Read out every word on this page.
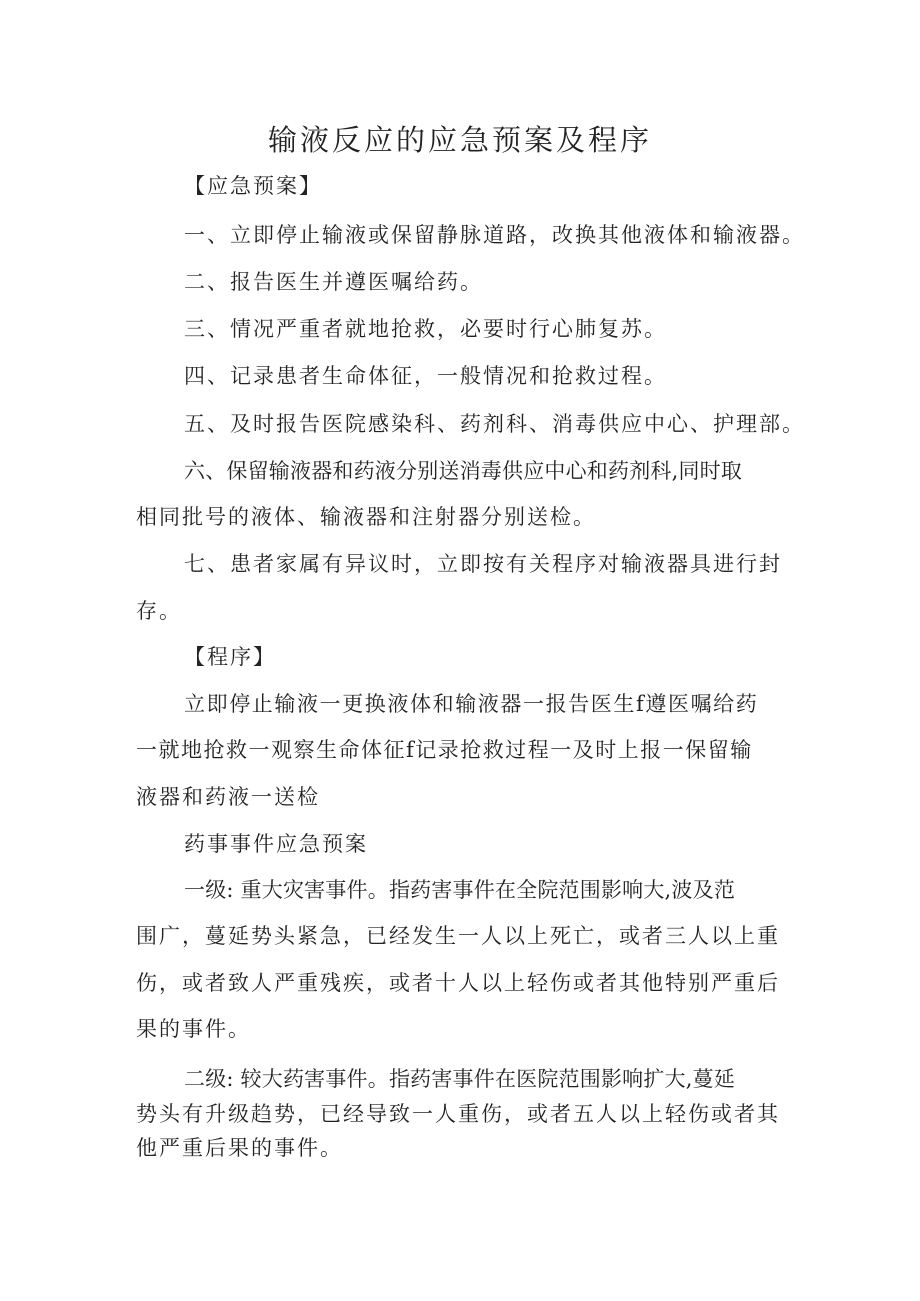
输液反应的应急预案及程序
【应急预案】
一、立即停止输液或保留静脉道路，改换其他液体和输液器。
二、报告医生并遵医嘱给药。
三、情况严重者就地抢救，必要时行心肺复苏。
四、记录患者生命体征，一般情况和抢救过程。
五、及时报告医院感染科、药剂科、消毒供应中心、护理部。
六、保留输液器和药液分别送消毒供应中心和药剂科,同时取
相同批号的液体、输液器和注射器分别送检。
七、患者家属有异议时，立即按有关程序对输液器具进行封
存。
【程序】
立即停止输液一更换液体和输液器一报告医生f遵医嘱给药
一就地抢救一观察生命体征f记录抢救过程一及时上报一保留输
液器和药液一送检
药事事件应急预案
一级: 重大灾害事件。指药害事件在全院范围影响大,波及范
围广，蔓延势头紧急，已经发生一人以上死亡，或者三人以上重
伤，或者致人严重残疾，或者十人以上轻伤或者其他特别严重后
果的事件。
二级: 较大药害事件。指药害事件在医院范围影响扩大,蔓延
势头有升级趋势，已经导致一人重伤，或者五人以上轻伤或者其
他严重后果的事件。
